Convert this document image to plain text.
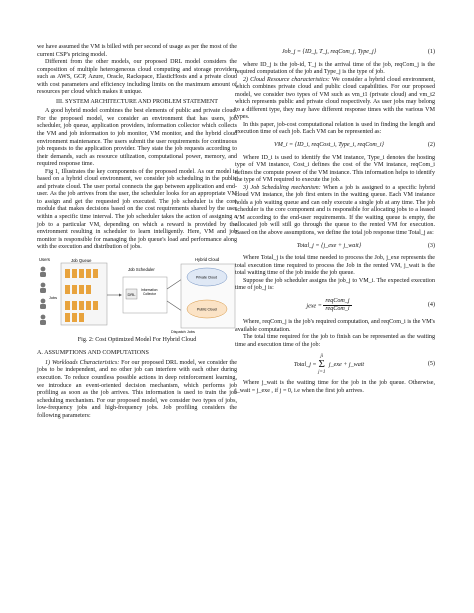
we have assumed the VM is billed with per second of usage as per the most of the current CSP's pricing model.

Different from the other models, our proposed DRL model considers the composition of multiple heterogeneous cloud computing and storage providers such as AWS, GCP, Azure, Oracle, Rackspace, ElasticHosts and a private cloud with cost parameters and efficiency including limits on the maximum amount of resources per cloud which makes it unique.

III. SYSTEM ARCHITECTURE AND PROBLEM STATEMENT

A good hybrid model combines the best elements of public and private cloud. For the proposed model, we consider an environment that has users, job scheduler, job queue, application providers, information collector which collects the VM and job information to job monitor, VM monitor, and the hybrid cloud environment maintenance. The users submit the user requirements for continuous job requests to the application provider. They state the job requests according to their demands, such as resource utilization, computational power, memory, and required response time.

Fig 1, Illustrates the key components of the proposed model. As our model is based on a hybrid cloud environment, we consider job scheduling in the public and private cloud. The user portal connects the gap between application and end-user. As the job arrives from the user, the scheduler looks for an appropriate VM to assign and get the requested job executed. The job scheduler is the core module that makes decisions based on the cost requirements shared by the user within a specific time interval. The job scheduler takes the action of assigning a job to a particular VM, depending on which a reward is provided by the environment resulting in scheduler to learn intelligently. Here, VM and job monitor is responsible for managing the job queue's load and performance along with the execution and distribution of jobs.

Users
Jobs
Job Queue
Job Scheduler
DRL
Information Collector
Hybrid Cloud
Private Cloud
Public Cloud
Dispatch Jobs

Fig. 2: Cost Optimized Model For Hybrid Cloud

A. ASSUMPTIONS AND COMPUTATIONS

1) Workloads Characteristics: For our proposed DRL model, we consider the jobs to be independent, and no other job can interfere with each other during execution. To reduce countless possible actions in deep reinforcement learning, we introduce an event-oriented decision mechanism, which performs job profiling as soon as the job arrives. This information is used to train the job scheduling mechanism. For our proposed model, we consider two types of jobs, low-frequency jobs and high-frequency jobs. Job profiling considers the following parameters:

Job_j = {ID_j, T_j, reqCom_j, Type_j}	(1)

where ID_j is the job-id, T_j is the arrival time of the job, reqCom_j is the required computation of the job and Type_j is the type of job.

2) Cloud Resource characteristics: We consider a hybrid cloud environment, which combines private cloud and public cloud capabilities. For our proposed model, we consider two types of VM such as vm_t1 (private cloud) and vm_t2 which represents public and private cloud respectively. As user jobs may belong to a different type, they may have different response times with the various VM types.

In this paper, job-cost computational relation is used in finding the length and execution time of each job. Each VM can be represented as:

VM_i = {ID_i, reqCost_i, Type_i, reqCom_i}	(2)

Where ID_i is used to identify the VM instance, Type_i denotes the hosting type of VM instance, Cost_i defines the cost of the VM instance, reqCom_i defines the compute power of the VM instance. This information helps to identify the type of VM required to execute the job.

3) Job Scheduling mechanism: When a job is assigned to a specific hybrid cloud VM instance, the job first enters in the waiting queue. Each VM instance holds a job waiting queue and can only execute a single job at any time. The job scheduler is the core component and is responsible for allocating jobs to a leased VM according to the end-user requirements. If the waiting queue is empty, the allocated job will still go through the queue to the rented VM for execution. Based on the above assumptions, we define the total job response time Total_j as:

Total_j = {j_exe + j_wait}	(3)

Where Total_j is the total time needed to process the Job, j_exe represents the total execution time required to process the Job in the rented VM, j_wait is the total waiting time of the job inside the job queue.

Suppose the job scheduler assigns the job_j to VM_i. The expected execution time of job_j is:

jexe = $\frac{\text{reqCom\_j}}{\text{reqCom\_i}}$	(4)

Where, reqCom_j is the job's required computation, and reqCom_i is the VM's available computation.

The total time required for the job to finish can be represented as the waiting time and execution time of the job:

Total_j =
ji
Σ
j=1
j_exe + j_wait	(5)

Where j_wait is the waiting time for the job in the job queue. Otherwise, j_wait = j_exe , if j = 0, i.e when the first job arrives.
